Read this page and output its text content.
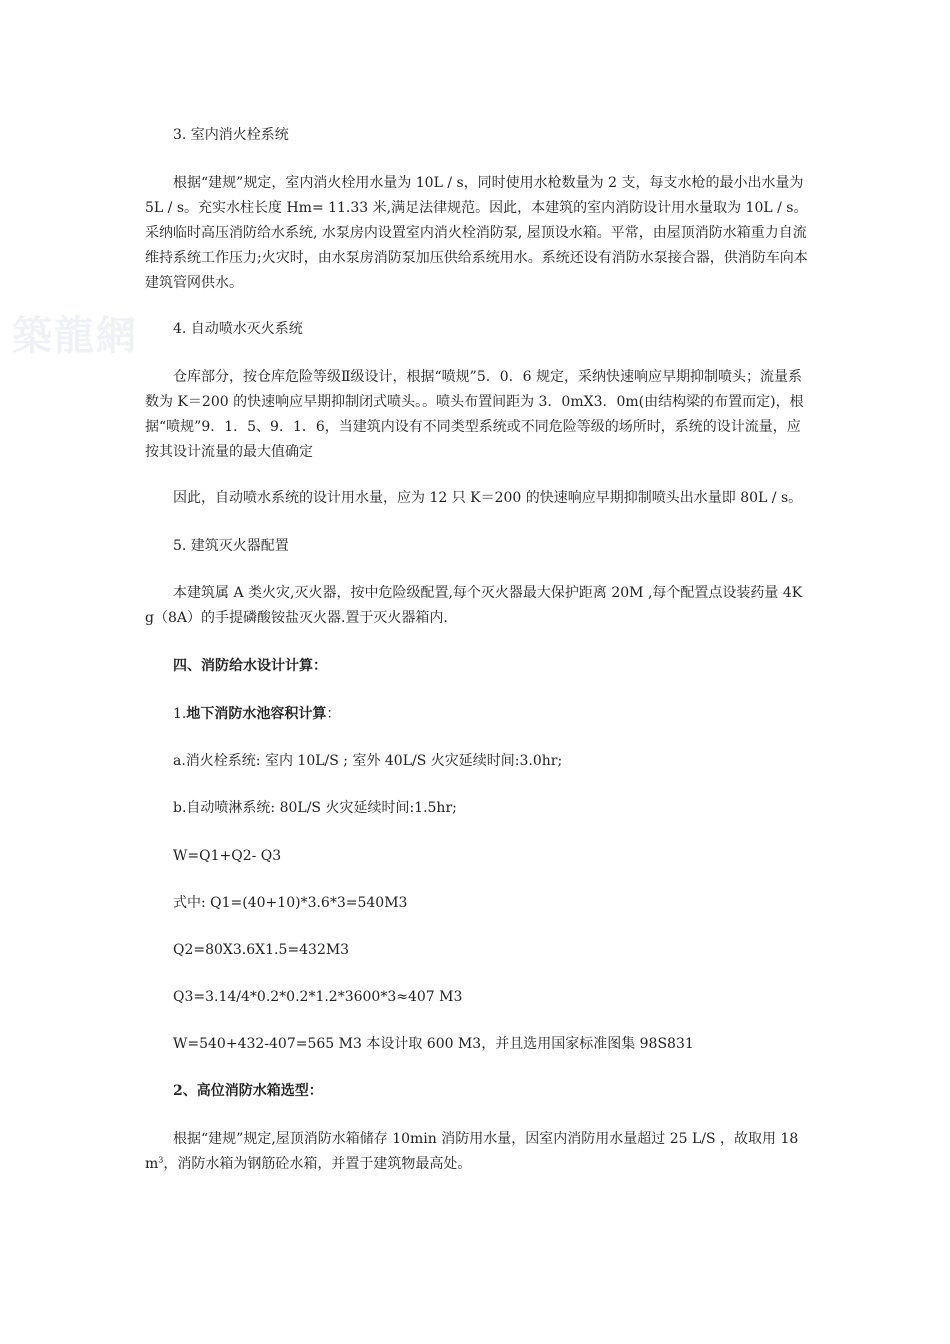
築龍網
3. 室内消火栓系统
根据“建规”规定，室内消火栓用水量为 10L / s，同时使用水枪数量为 2 支，每支水枪的最小出水量为 5L / s。充实水柱长度 Hm= 11.33 米,满足法律规范。因此，本建筑的室内消防设计用水量取为 10L / s。采纳临时高压消防给水系统, 水泵房内设置室内消火栓消防泵, 屋顶设水箱。平常，由屋顶消防水箱重力自流维持系统工作压力;火灾时，由水泵房消防泵加压供给系统用水。系统还设有消防水泵接合器，供消防车向本建筑管网供水。
4. 自动喷水灭火系统
仓库部分，按仓库危险等级Ⅱ级设计，根据“喷规”5．0．6 规定，采纳快速响应早期抑制喷头；流量系数为 K＝200 的快速响应早期抑制闭式喷头。。喷头布置间距为 3．0mX3．0m(由结构梁的布置而定)，根据“喷规”9．1．5、9．1．6，当建筑内设有不同类型系统或不同危险等级的场所时，系统的设计流量，应按其设计流量的最大值确定
因此，自动喷水系统的设计用水量，应为 12 只 K＝200 的快速响应早期抑制喷头出水量即 80L / s。
5. 建筑灭火器配置
本建筑属 A 类火灾,灭火器，按中危险级配置,每个灭火器最大保护距离 20M ,每个配置点设装药量 4Kg（8A）的手提磷酸铵盐灭火器.置于灭火器箱内.
四、消防给水设计计算：
1.地下消防水池容积计算：
a.消火栓系统: 室内 10L/S ; 室外 40L/S 火灾延续时间:3.0hr;
b.自动喷淋系统: 80L/S 火灾延续时间:1.5hr;
W=Q1+Q2- Q3
式中: Q1=(40+10)*3.6*3=540M3
Q2=80X3.6X1.5=432M3
Q3=3.14/4*0.2*0.2*1.2*3600*3≈407 M3
W=540+432-407=565 M3 本设计取 600 M3，并且选用国家标准图集 98S831
2、高位消防水箱选型：
根据“建规”规定,屋顶消防水箱储存 10min 消防用水量，因室内消防用水量超过 25 L/S ，故取用 18 $m^3$，消防水箱为钢筋砼水箱，并置于建筑物最高处。
